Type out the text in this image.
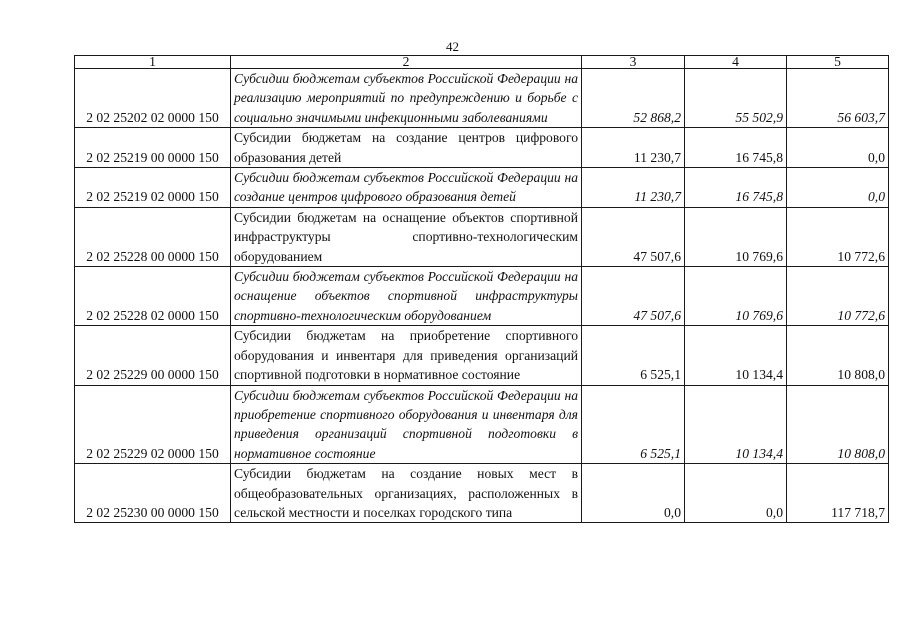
42
1	2	3	4	5
2 02 25202 02 0000 150	Субсидии бюджетам субъектов Российской Федерации на реализацию мероприятий по предупреждению и борьбе с социально значимыми инфекционными заболеваниями	52 868,2	55 502,9	56 603,7
2 02 25219 00 0000 150	Субсидии бюджетам на создание центров цифрового образования детей	11 230,7	16 745,8	0,0
2 02 25219 02 0000 150	Субсидии бюджетам субъектов Российской Федерации на создание центров цифрового образования детей	11 230,7	16 745,8	0,0
2 02 25228 00 0000 150	Субсидии бюджетам на оснащение объектов спортивной инфраструктуры спортивно-технологическим оборудованием	47 507,6	10 769,6	10 772,6
2 02 25228 02 0000 150	Субсидии бюджетам субъектов Российской Федерации на оснащение объектов спортивной инфраструктуры спортивно-технологическим оборудованием	47 507,6	10 769,6	10 772,6
2 02 25229 00 0000 150	Субсидии бюджетам на приобретение спортивного оборудования и инвентаря для приведения организаций спортивной подготовки в нормативное состояние	6 525,1	10 134,4	10 808,0
2 02 25229 02 0000 150	Субсидии бюджетам субъектов Российской Федерации на приобретение спортивного оборудования и инвентаря для приведения организаций спортивной подготовки в нормативное состояние	6 525,1	10 134,4	10 808,0
2 02 25230 00 0000 150	Субсидии бюджетам на создание новых мест в общеобразовательных организациях, расположенных в сельской местности и поселках городского типа	0,0	0,0	117 718,7
